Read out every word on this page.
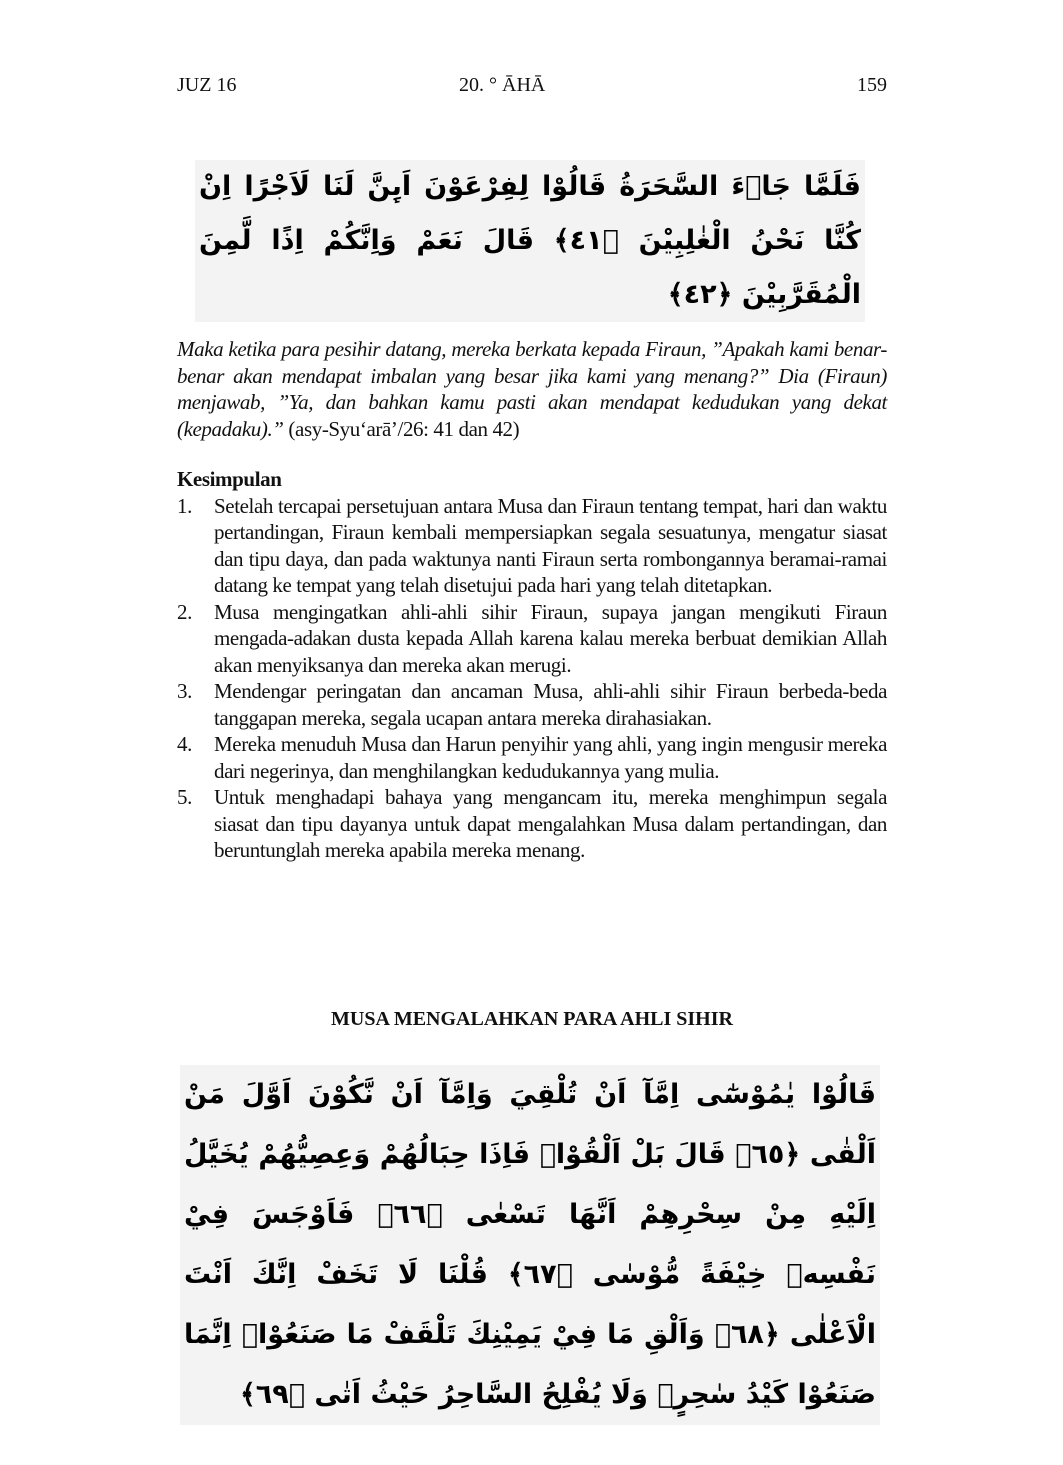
JUZ 16	20. ° ĀHĀ	159
فَلَمَّا جَاۤءَ السَّحَرَةُ قَالُوْا لِفِرْعَوْنَ اَىِٕنَّ لَنَا لَاَجْرًا اِنْ كُنَّا نَحْنُ الْغٰلِبِيْنَ ﴿٤١﴾ قَالَ نَعَمْ وَاِنَّكُمْ اِذًا لَّمِنَ الْمُقَرَّبِيْنَ ﴿٤٢﴾

Maka ketika para pesihir datang, mereka berkata kepada Firaun, ”Apakah kami benar-benar akan mendapat imbalan yang besar jika kami yang menang?” Dia (Firaun) menjawab, ”Ya, dan bahkan kamu pasti akan mendapat kedudukan yang dekat (kepadaku).” (asy-Syu‘arā’/26: 41 dan 42)

Kesimpulan
1. Setelah tercapai persetujuan antara Musa dan Firaun tentang tempat, hari dan waktu pertandingan, Firaun kembali mempersiapkan segala sesuatunya, mengatur siasat dan tipu daya, dan pada waktunya nanti Firaun serta rombongannya beramai-ramai datang ke tempat yang telah disetujui pada hari yang telah ditetapkan.
2. Musa mengingatkan ahli-ahli sihir Firaun, supaya jangan mengikuti Firaun mengada-adakan dusta kepada Allah karena kalau mereka berbuat demikian Allah akan menyiksanya dan mereka akan merugi.
3. Mendengar peringatan dan ancaman Musa, ahli-ahli sihir Firaun berbeda-beda tanggapan mereka, segala ucapan antara mereka dirahasiakan.
4. Mereka menuduh Musa dan Harun penyihir yang ahli, yang ingin mengusir mereka dari negerinya, dan menghilangkan kedudukannya yang mulia.
5. Untuk menghadapi bahaya yang mengancam itu, mereka menghimpun segala siasat dan tipu dayanya untuk dapat mengalahkan Musa dalam pertandingan, dan beruntunglah mereka apabila mereka menang.
MUSA MENGALAHKAN PARA AHLI SIHIR
قَالُوْا يٰمُوْسٰٓى اِمَّآ اَنْ تُلْقِيَ وَاِمَّآ اَنْ نَّكُوْنَ اَوَّلَ مَنْ اَلْقٰى ﴿٦٥﴾ قَالَ بَلْ اَلْقُوْاۚ فَاِذَا حِبَالُهُمْ وَعِصِيُّهُمْ يُخَيَّلُ اِلَيْهِ مِنْ سِحْرِهِمْ اَنَّهَا تَسْعٰى ﴿٦٦﴾ فَاَوْجَسَ فِيْ نَفْسِهٖ خِيْفَةً مُّوْسٰى ﴿٦٧﴾ قُلْنَا لَا تَخَفْ اِنَّكَ اَنْتَ الْاَعْلٰى ﴿٦٨﴾ وَاَلْقِ مَا فِيْ يَمِيْنِكَ تَلْقَفْ مَا صَنَعُوْاۗ اِنَّمَا صَنَعُوْا كَيْدُ سٰحِرٍۗ وَلَا يُفْلِحُ السَّاحِرُ حَيْثُ اَتٰى ﴿٦٩﴾
